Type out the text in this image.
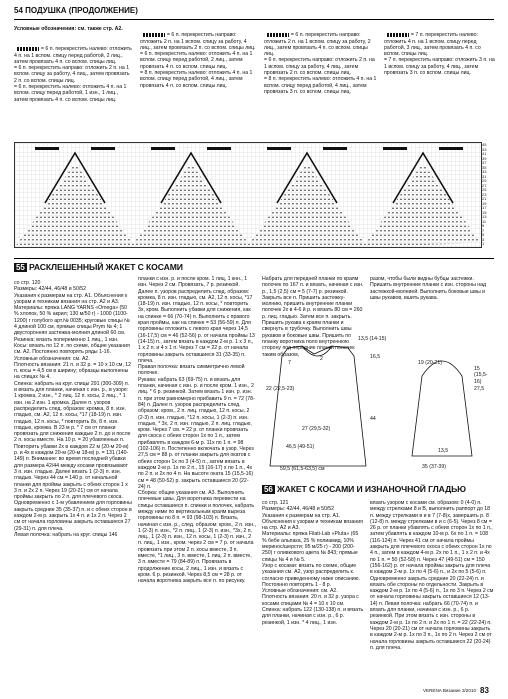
54 ПОДУШКА (ПРОДОЛЖЕНИЕ)
Условные обозначения: см. также стр. А2.

= 6 п. перекрестить налево: отложить 4 п. на 1 вспом. спицу перед работой, 2 лиц., затем провязать 4 п. со вспом. спицы лиц.
= 6 п. перекрестить направо: отложить 2 п. на 1 вспом. спицу за работу, 4 лиц., затем провязать 2 п. со вспом. спицы лиц.
= 6 п. перекрестить налево: отложить 4 п. на 1 вспом. спицу перед работой, 1 изн., 1 лиц., затем провязать 4 п. со вспом. спицы лиц.

= 6 п. перекрестить направо: отложить 2 п. на 1 вспом. спицу за работу, 4 лиц., затем провязать 2 п. со вспом. спицы лиц.
= 6 п. перекрестить налево: отложить 4 п. на 1 вспом. спицу перед работой, 2 лиц., затем провязать 4 п. со вспом. спицы лиц.
= 8 п. перекрестить налево: отложить 4 п. на 1 вспом. спицу перед работой, 4 лиц., затем провязать 4 п. со вспом. спицы лиц.

= 6 п. перекрестить направо: отложить 2 п. на 1 вспом. спицу за работу, 2 лиц., затем провязать 4 п. со вспом. спицы лиц.
= 6 п. перекрестить направо: отложить 2 п. на 1 вспом. спицу за работу, 4 лиц., затем провязать 2 п. со вспом. спицы лиц.
= 8 п. перекрестить налево: отложить 4 п. на 1 вспом. спицу перед работой, 4 лиц., затем провязать 3 п. со вспом. спицы лиц.

= 7 п. перекрестить налево: отложить 4 п. на 1 вспом. спицу перед работой, 3 лиц., затем провязать 4 п. со вспом. спицы лиц.
= 7 п. перекрестить направо: отложить 3 п. на 1 вспом. спицу за работу, 4 лиц., затем провязать 3 п. со вспом. спицы лиц.

45
43
41
39
37
35
33
31
29
27
25
23
21
19
17
15
13
11
9
7
5
3
1
55 РАСКЛЕШЕННЫЙ ЖАКЕТ С КОСАМИ
со стр. 120
Размеры: 42/44, 46/48 и 50/52
Указания к размерам на стр. А1. Объяснения к узорам и техникам вязания на стр. А2 и А3.
Материалы: пряжа LANG YARNS «Omega» (50 % хлопок, 50 % акрил; 130 м/50 г) - 1000 (1100-1200) г голубого арт.№ 0035; круговые спицы № 4 длиной 100 см, прямые спицы Prym № 4; 1 двусторонняя застежка-молния длиной 60 см.
Резинка: вязать попеременно 1 лиц., 1 изн.
Косы: вязать по 12 п. по схеме, общие указания см. А2. Постоянно повторять ряды 1-16.
Условные обозначения: см. А2.
Плотность вязания: 21 п. и 32 р. = 10 х 10 см, 12 п. косы = 4,5 см в ширину; образцы выполнены на спицах № 4.
Спинка: набрать на круг. спицы 291 (300-309) п. и вязать для планки, начиная с изн. р., в узоре: 1 кромка, 2 изн., * 2 лиц. 12 п. косы, 2 лиц., * 1 изн. на 2 изн. 1 кромка. Далее п. узоров распределить след. образом: кромка, 8 п. изн. гладью, см. А2, 12 п. косы, *17 (18-19) п. изн. гладью, 12 п. косы, * повторить 8х, 8 п. изн. гладью, кромка. В 23 м р. * 7 см от планки провязать для снижения каждые 2 п. до и после 2 п. косы вместе. На 10 р. = 20 убавленных п. Повторить убавки 2х в каждом 22 м (20-м 20-м) р. и 4х в каждом 20-м (20-м 18-м) р. = 131 (140-149) п. Внимание: во время последней убавки для размера 42/44 между косами провязывают 3 п. изн. гладью. Далее вязать 1 (2-3) п. изн. гладью. Через 44 см = 140 р. от начальной планки для проймы закрыть с обеих сторон 1 х 3 п. и 2х 2 п. Через 19 (20-21) см от начала проймы закрыть по 2 п. для плечевого скоса. Одновременно с 1-м убавлением для горловины закрыть средние 35 (35-37) п. и с обеих сторон в каждом 2-м р. закрыть 1х 4 п. и 1х 2 п. Через 2 см от начала горловины закрыть оставшиеся 27 (29-31) п. для плеча.
Левая полочка: набрать на круг. спицы 146
планки с изн. р. и после кром. 1 лиц, 1 кнн., 1 изн. Через 2 см. Провязать, 7 р. резинкой. Далее п. узоров распределить след. образом: кромка, 8 п. изн. гладью, см. А2, 12 п. косы, *17 (18-19) п. изн. гладью, 12 п. косы, * повторить 3х, кром. Выполнить убавки для снижения, как на спинке = 66 (70-74) п. Выполнить с правого края проймы, как на спинке = 53 (56-59) п. Для горловины отложить с левого края через 14,5 (16-17,5) см = 46 (52-56) р. от начала проймы 13 (14-15) п., затем вязать в каждом 2-м р. 1 х 3 п., 1 х 2 п. и 4 х 1 п. Через 7 см = 22 р. от начала горловины закрыть оставшиеся 31 (33-35) п. плеча.
Правая полочка: вязать симметрично левой полочке.
Рукава: набрать 63 (69-75) п. и вязать для планки, начиная с изн. р. и после кром. 1 изн., 2 лиц. * 6 р. резинкой. Затем вязать 1 изн. р. изн. п. при этом равномерно прибавить 9 п. = 72 (78-84) п. Далее п. узоров распределить след. образом: кром., 2 п. лиц. гладью, 12 п. косы, 2 (2-3) п. изн. гладью, *12 п. косы, 1 (2-3) п. изн. гладью, * 3х, 2 п. изн. гладью, 2 п. лиц. гладью, кром. Через 7 см. = 22 р. от планки провязать для скоса с обеих сторон 1х по 1 п., затем прибавлять в каждом 6-м р. 11х по 1 п. = 98 (102-106) п. Постепенно включать в узор. Через 27,5 см = 88 р. от планки закрыть для окатов с обеих сторон 1х по 3 (4-5) п., затем вязать в каждом 2-м р. 1х по 2 п., 15 (16-17) х по 1 п., 4х по 2 п. и 2х по 4 п. На высоте оката 15 (15,5-16) см = 48 (50-52) р. закрыть оставшиеся 20 (22-24) п.
Сборка: общие указания см. А3. Выполнить плечевые швы. Для воротника перевести на спицы оставшиеся п. спинки и полочек, набрать между ними по вертикальным краям выреза горловины по 8 п. = 93 (98-103) п. Вязать, начиная с изн. р., след. образом: кром., 2 п. изн., 1 (2-3) п. изн., *2 п. лиц., 1 (2-3) п. изн., *3х, 2 п. лиц., 1 (2-3) п. изн., 12 п. косы, 1 (2-3) п. изн., 2 п. лиц., 1 изн., кром. через 2 см = 7 р. от начала провязать при этом 2 п. косы вместе, 3 п. вместе, *1 лиц., 3 п. вместе, 1 лиц. 2 п. вместе, 3 п. вместе = 79 (84-89) п. Провязать в продолжение косы, 2 лиц., 1 изн. и вязать с кром. 6 р. резинкой. Через 8,5 см = 28 р. от начала воротника закрыть все п. по рисунку.
Набрать для передней планки по краям полочек по 167 п. и вязать, начиная с изн. р., 1,5 (2,5) см = 5 (7-7) р. резинкой. Закрыть все п. Пришить застежку-молнию, пришить внутренние планки полочек 2х в 4-6 й р. и вязать 80 см = 260 р. лиц. гладью. Затем все п. закрыть. Пришить рукава к краям планки и свернуть в трубочку. Выполнить швы рукавов и боковые швы. Пришить по планку воротника поло внутреннюю сторону под передние планки полочек таким образом,
разом, чтобы были видны бубцы застежки. Пришить внутренние планки с изн. стороны над застежкой-молнией. Выполнить боковые швы и швы рукавов, вшить рукава.
59,5 (61,5-63,5) см
22 (22,5-23)
13,5 (14-15)
16,5
44
19 (20-21)
27,5
15 (15,5-16)
35 (37-39)
7
2
46,5 (49-51)
27 (29,5-32)
13,5
56 ЖАКЕТ С КОСАМИ И ИЗНАНОЧНОЙ ГЛАДЬЮ
со стр. 121
Размеры: 42/44, 46/48 и 50/52
Указания к размерам на стр. А1. Объяснения к узорам и техникам вязания на стр. А2 и А3.
Материалы: пряжа Filati-Lab «Pluta» (65 % бебе альпака, 25 % полиамид, 10% меринос/шерсти; 95 м/25 г) - 200 (200-250) г оливкового цвета № 843; прямые спицы № 4 и № 5.
Узор с косами: вязать по схеме, общие указания см. А2, узор распределить к. согласно приведенному ниже описанию. Постоянно повторять 1 - 8 р.
Условные обозначения: см. А2.
Плотность вязания: 20 п. и 32 р. узора с косами спицами № 4 = 10 х 10 см.
Спинка: набрать 122 (130-138) п. и вязать для планки, начиная с изн. р., 6 р. резинкой, 1 изн. * 4 лиц., 1 изн.
вязать узором с косами см. образом: 0 (4-0) п. между стрелками 8 и В, выполнить раппорт до 18 п. между стрелками в и в 7 (7-8)х, завершить р. 8 (12-8) п. между стрелками в и с (6-5). Через 8 см = 26 р. от планки убавлять с обеих сторон 1х по 1 п., затем убавлять в каждом 10-м р. 6х по 1 п. = 108 (116-124) п. Через 41 см от начала проймы закрыть для плечевого скоса с обеих сторон 1х по 4 п., затем в каждом 4-м р. 2х по 1 п., 1 х 2 п. и 4х по 1 п. = 50 (52-58) п. Через 47 (49-51) см = 150 (156-162) р. от начала проймы закрыть для плеча в каждом 2-м р. 1х по 4 (5-6) п., и 2х по 5 (5-6) п. Одновременно закрыть средние 20 (22-24) п. и вязать обе стороны по отдельности. Закрыть в каждом 2-м р. 1х по 4 (5-6) п., 1х по 3 п. Через 2 см от начала горловины закрыть оставшиеся 12 (13-14) п. Левая полочка: набрать 66 (70-74) п. и вязать для планки, начиная с изн. р., 6 р. резинкой. При этом вязать с изн. стороны в каждом 2-м р. 1х по 2 п. и 2х по 1 п. = 22 (22-24) п. Через 20 (20-21) см от начала горловины закрыть в каждом 2-м р. 1х по 3 п., 1х по 2 п. Через 2 см от начала горловины закрыть оставшиеся 22 (20-24) п. для плеча.
VERENA Вязание 3/2010 83
